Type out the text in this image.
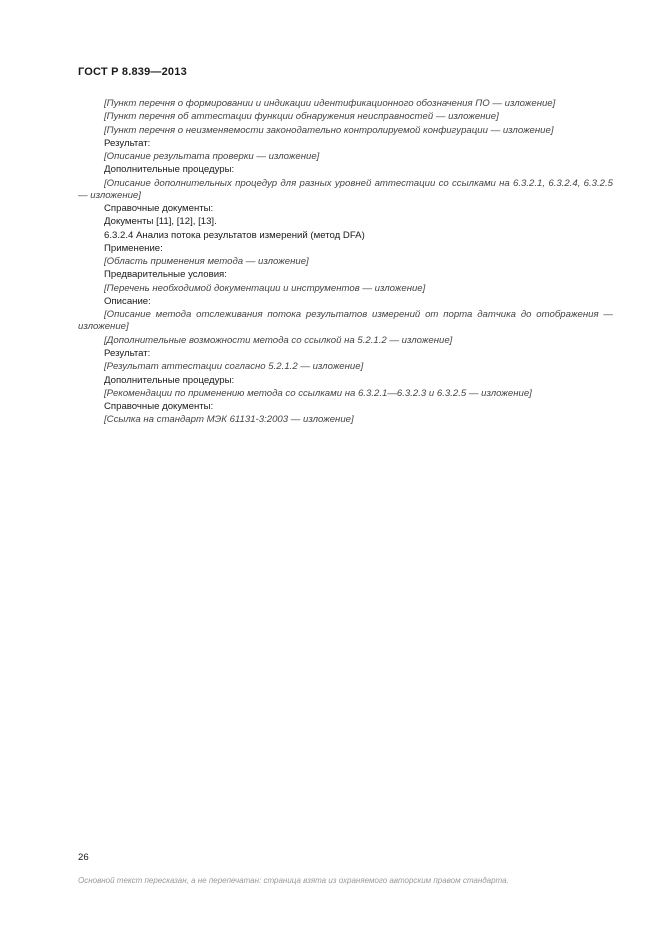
ГОСТ Р 8.839—2013

[Пункт перечня о формировании и индикации идентификационного обозначения ПО — изложение]

[Пункт перечня об аттестации функции обнаружения неисправностей — изложение]

[Пункт перечня о неизменяемости законодательно контролируемой конфигурации — изложение]

Результат:

[Описание результата проверки — изложение]

Дополнительные процедуры:

[Описание дополнительных процедур для разных уровней аттестации со ссылками на 6.3.2.1, 6.3.2.4, 6.3.2.5 — изложение]

Справочные документы:

Документы [11], [12], [13].

6.3.2.4 Анализ потока результатов измерений (метод DFA)

Применение:

[Область применения метода — изложение]

Предварительные условия:

[Перечень необходимой документации и инструментов — изложение]

Описание:

[Описание метода отслеживания потока результатов измерений от порта датчика до отображения — изложение]

[Дополнительные возможности метода со ссылкой на 5.2.1.2 — изложение]

Результат:

[Результат аттестации согласно 5.2.1.2 — изложение]

Дополнительные процедуры:

[Рекомендации по применению метода со ссылками на 6.3.2.1—6.3.2.3 и 6.3.2.5 — изложение]

Справочные документы:

[Ссылка на стандарт МЭК 61131-3:2003 — изложение]

26
Основной текст пересказан, а не перепечатан: страница взята из охраняемого авторским правом стандарта.
